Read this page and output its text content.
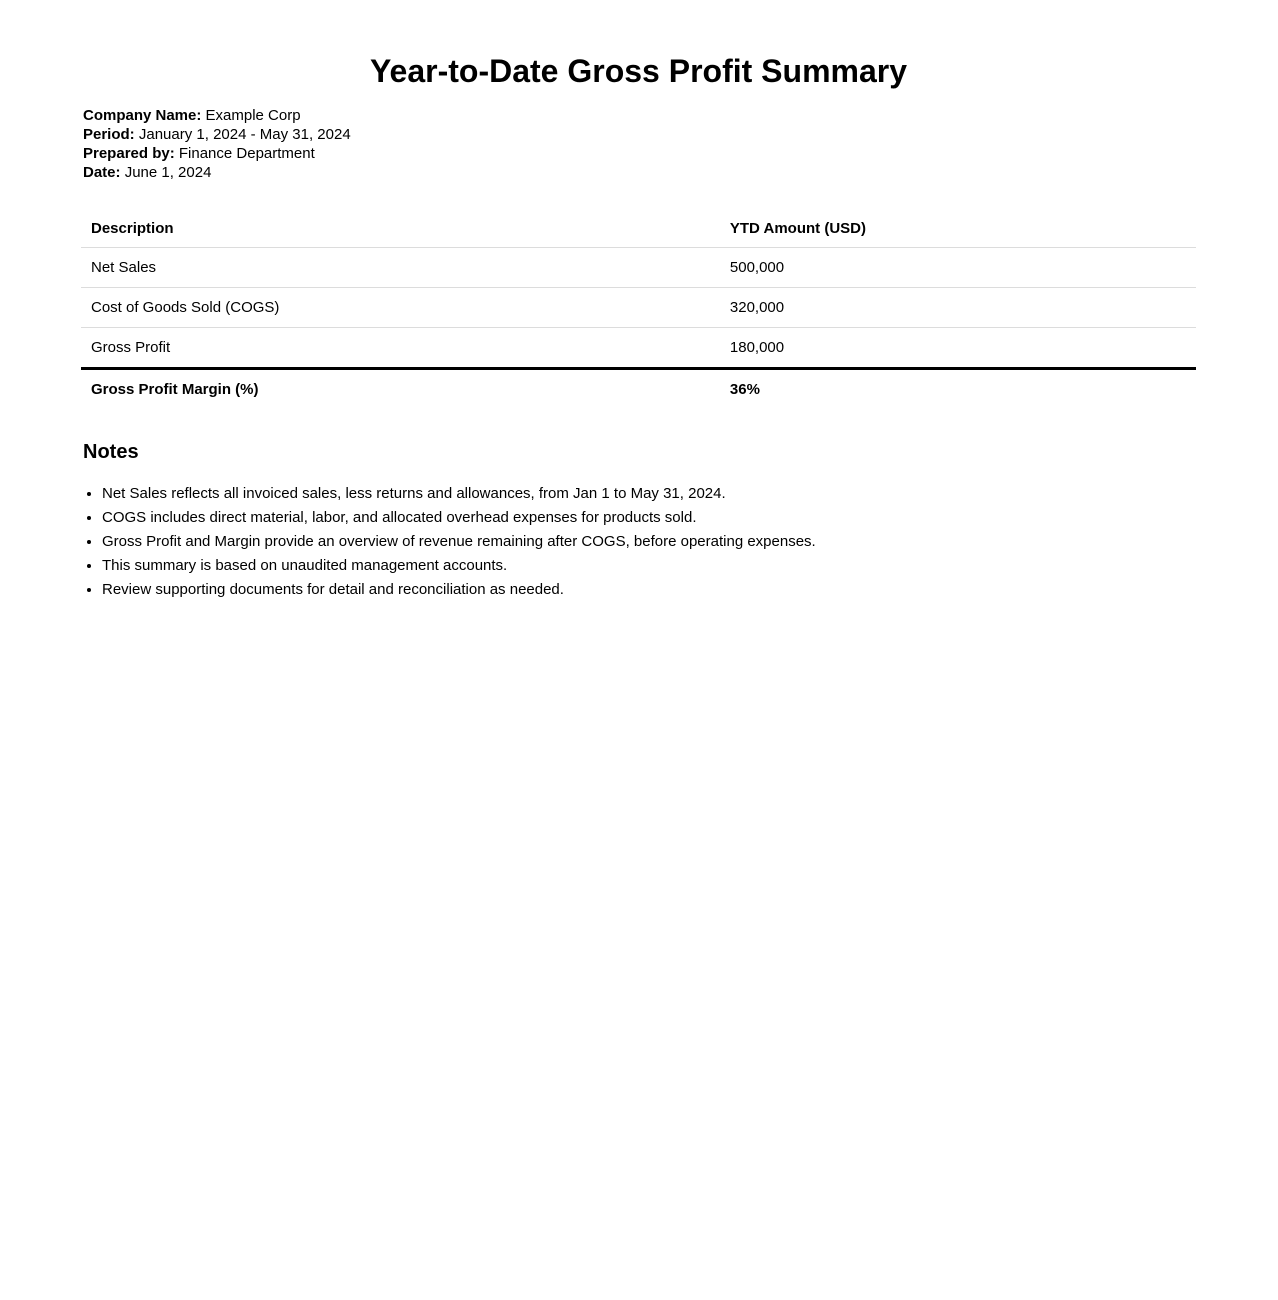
Year-to-Date Gross Profit Summary
Company Name: Example Corp
Period: January 1, 2024 - May 31, 2024
Prepared by: Finance Department
Date: June 1, 2024
Description	YTD Amount (USD)
Net Sales	500,000
Cost of Goods Sold (COGS)	320,000
Gross Profit	180,000
Gross Profit Margin (%)	36%
Notes
• Net Sales reflects all invoiced sales, less returns and allowances, from Jan 1 to May 31, 2024.
• COGS includes direct material, labor, and allocated overhead expenses for products sold.
• Gross Profit and Margin provide an overview of revenue remaining after COGS, before operating expenses.
• This summary is based on unaudited management accounts.
• Review supporting documents for detail and reconciliation as needed.
